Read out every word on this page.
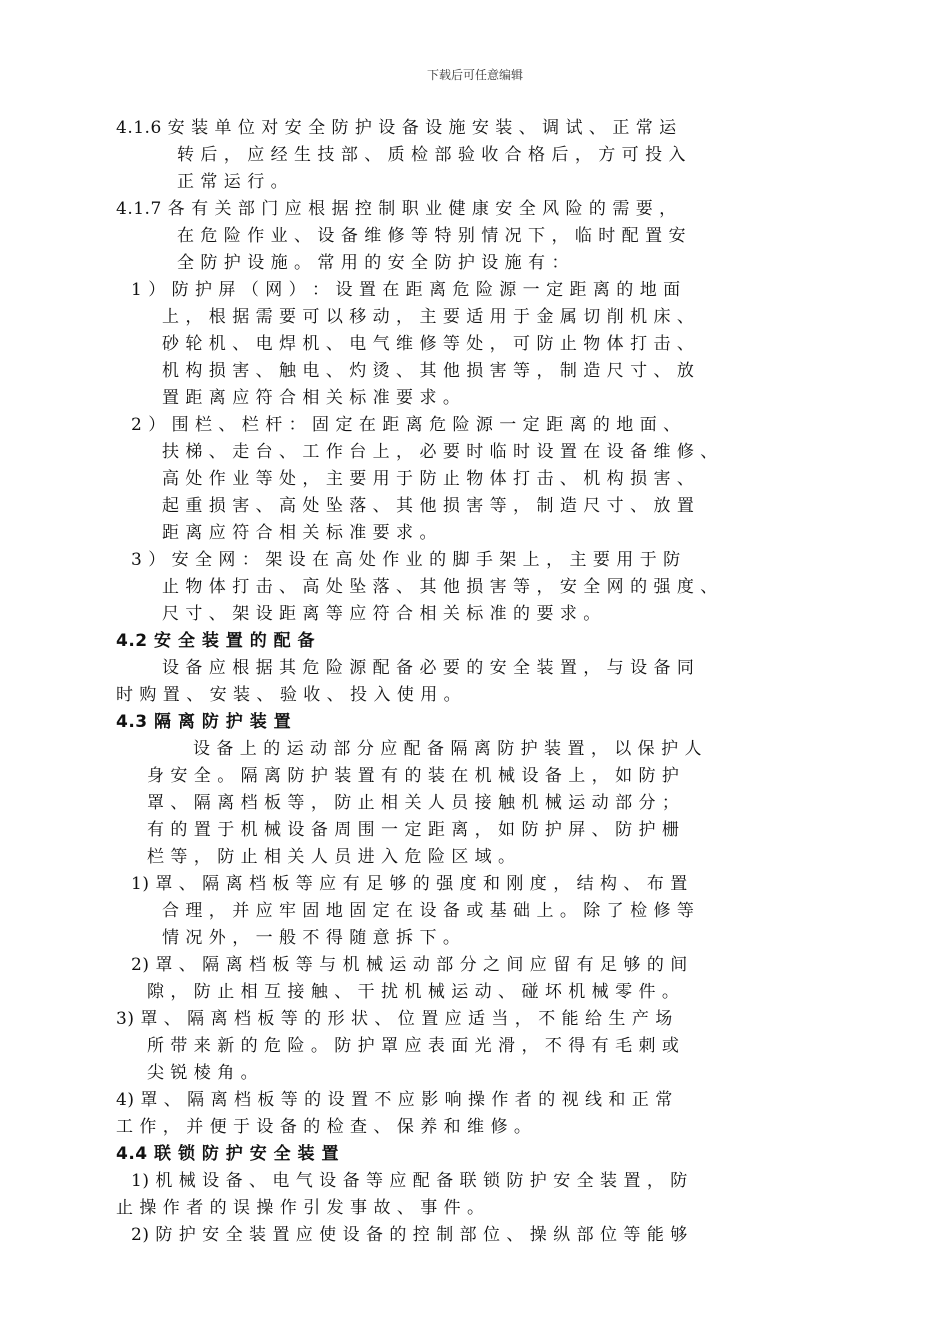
下载后可任意编辑
4.1.6 安 装 单 位 对 安 全 防 护 设 备 设 施 安 装 、 调 试 、 正 常 运
转 后 ， 应 经 生 技 部 、 质 检 部 验 收 合 格 后 ， 方 可 投 入
正 常 运 行 。
4.1.7 各 有 关 部 门 应 根 据 控 制 职 业 健 康 安 全 风 险 的 需 要 ，
在 危 险 作 业 、 设 备 维 修 等 特 别 情 况 下 ， 临 时 配 置 安
全 防 护 设 施 。 常 用 的 安 全 防 护 设 施 有 ：
1 ） 防 护 屏 （ 网 ） ： 设 置 在 距 离 危 险 源 一 定 距 离 的 地 面
上 ， 根 据 需 要 可 以 移 动 ， 主 要 适 用 于 金 属 切 削 机 床 、
砂 轮 机 、 电 焊 机 、 电 气 维 修 等 处 ， 可 防 止 物 体 打 击 、
机 构 损 害 、 触 电 、 灼 烫 、 其 他 损 害 等 ， 制 造 尺 寸 、 放
置 距 离 应 符 合 相 关 标 准 要 求 。
2 ） 围 栏 、 栏 杆 ： 固 定 在 距 离 危 险 源 一 定 距 离 的 地 面 、
扶 梯 、 走 台 、 工 作 台 上 ， 必 要 时 临 时 设 置 在 设 备 维 修 、
高 处 作 业 等 处 ， 主 要 用 于 防 止 物 体 打 击 、 机 构 损 害 、
起 重 损 害 、 高 处 坠 落 、 其 他 损 害 等 ， 制 造 尺 寸 、 放 置
距 离 应 符 合 相 关 标 准 要 求 。
3 ） 安 全 网 ： 架 设 在 高 处 作 业 的 脚 手 架 上 ， 主 要 用 于 防
止 物 体 打 击 、 高 处 坠 落 、 其 他 损 害 等 ， 安 全 网 的 强 度 、
尺 寸 、 架 设 距 离 等 应 符 合 相 关 标 准 的 要 求 。
4.2 安 全 装 置 的 配 备
设 备 应 根 据 其 危 险 源 配 备 必 要 的 安 全 装 置 ， 与 设 备 同
时 购 置 、 安 装 、 验 收 、 投 入 使 用 。
4.3 隔 离 防 护 装 置
设 备 上 的 运 动 部 分 应 配 备 隔 离 防 护 装 置 ， 以 保 护 人
身 安 全 。 隔 离 防 护 装 置 有 的 装 在 机 械 设 备 上 ， 如 防 护
罩 、 隔 离 档 板 等 ， 防 止 相 关 人 员 接 触 机 械 运 动 部 分 ；
有 的 置 于 机 械 设 备 周 围 一 定 距 离 ， 如 防 护 屏 、 防 护 栅
栏 等 ， 防 止 相 关 人 员 进 入 危 险 区 域 。
1) 罩 、 隔 离 档 板 等 应 有 足 够 的 强 度 和 刚 度 ， 结 构 、 布 置
合 理 ， 并 应 牢 固 地 固 定 在 设 备 或 基 础 上 。 除 了 检 修 等
情 况 外 ， 一 般 不 得 随 意 拆 下 。
2) 罩 、 隔 离 档 板 等 与 机 械 运 动 部 分 之 间 应 留 有 足 够 的 间
隙 ， 防 止 相 互 接 触 、 干 扰 机 械 运 动 、 碰 坏 机 械 零 件 。
3) 罩 、 隔 离 档 板 等 的 形 状 、 位 置 应 适 当 ， 不 能 给 生 产 场
所 带 来 新 的 危 险 。 防 护 罩 应 表 面 光 滑 ， 不 得 有 毛 刺 或
尖 锐 棱 角 。
4) 罩 、 隔 离 档 板 等 的 设 置 不 应 影 响 操 作 者 的 视 线 和 正 常
工 作 ， 并 便 于 设 备 的 检 查 、 保 养 和 维 修 。
4.4 联 锁 防 护 安 全 装 置
1) 机 械 设 备 、 电 气 设 备 等 应 配 备 联 锁 防 护 安 全 装 置 ， 防
止 操 作 者 的 误 操 作 引 发 事 故 、 事 件 。
2) 防 护 安 全 装 置 应 使 设 备 的 控 制 部 位 、 操 纵 部 位 等 能 够
